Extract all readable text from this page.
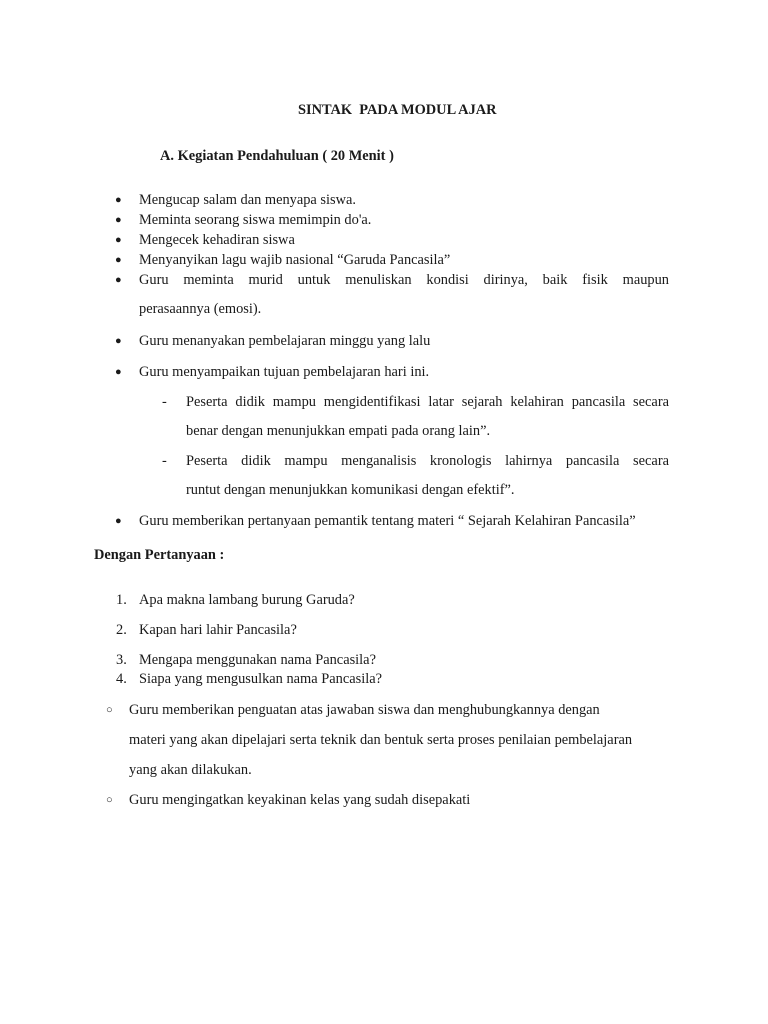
SINTAK  PADA MODUL AJAR
A. Kegiatan Pendahuluan ( 20 Menit )
● Mengucap salam dan menyapa siswa.
● Meminta seorang siswa memimpin do'a.
● Mengecek kehadiran siswa
● Menyanyikan lagu wajib nasional “Garuda Pancasila”
● Guru meminta murid untuk menuliskan kondisi dirinya, baik fisik maupun
perasaannya (emosi).
● Guru menanyakan pembelajaran minggu yang lalu
● Guru menyampaikan tujuan pembelajaran hari ini.
- Peserta didik mampu mengidentifikasi latar sejarah kelahiran pancasila secara
benar dengan menunjukkan empati pada orang lain”.
- Peserta didik mampu menganalisis kronologis lahirnya pancasila secara
runtut dengan menunjukkan komunikasi dengan efektif”.
● Guru memberikan pertanyaan pemantik tentang materi “ Sejarah Kelahiran Pancasila”
Dengan Pertanyaan :
1. Apa makna lambang burung Garuda?
2. Kapan hari lahir Pancasila?
3. Mengapa menggunakan nama Pancasila?
4. Siapa yang mengusulkan nama Pancasila?
○ Guru memberikan penguatan atas jawaban siswa dan menghubungkannya dengan
materi yang akan dipelajari serta teknik dan bentuk serta proses penilaian pembelajaran
yang akan dilakukan.
○ Guru mengingatkan keyakinan kelas yang sudah disepakati
